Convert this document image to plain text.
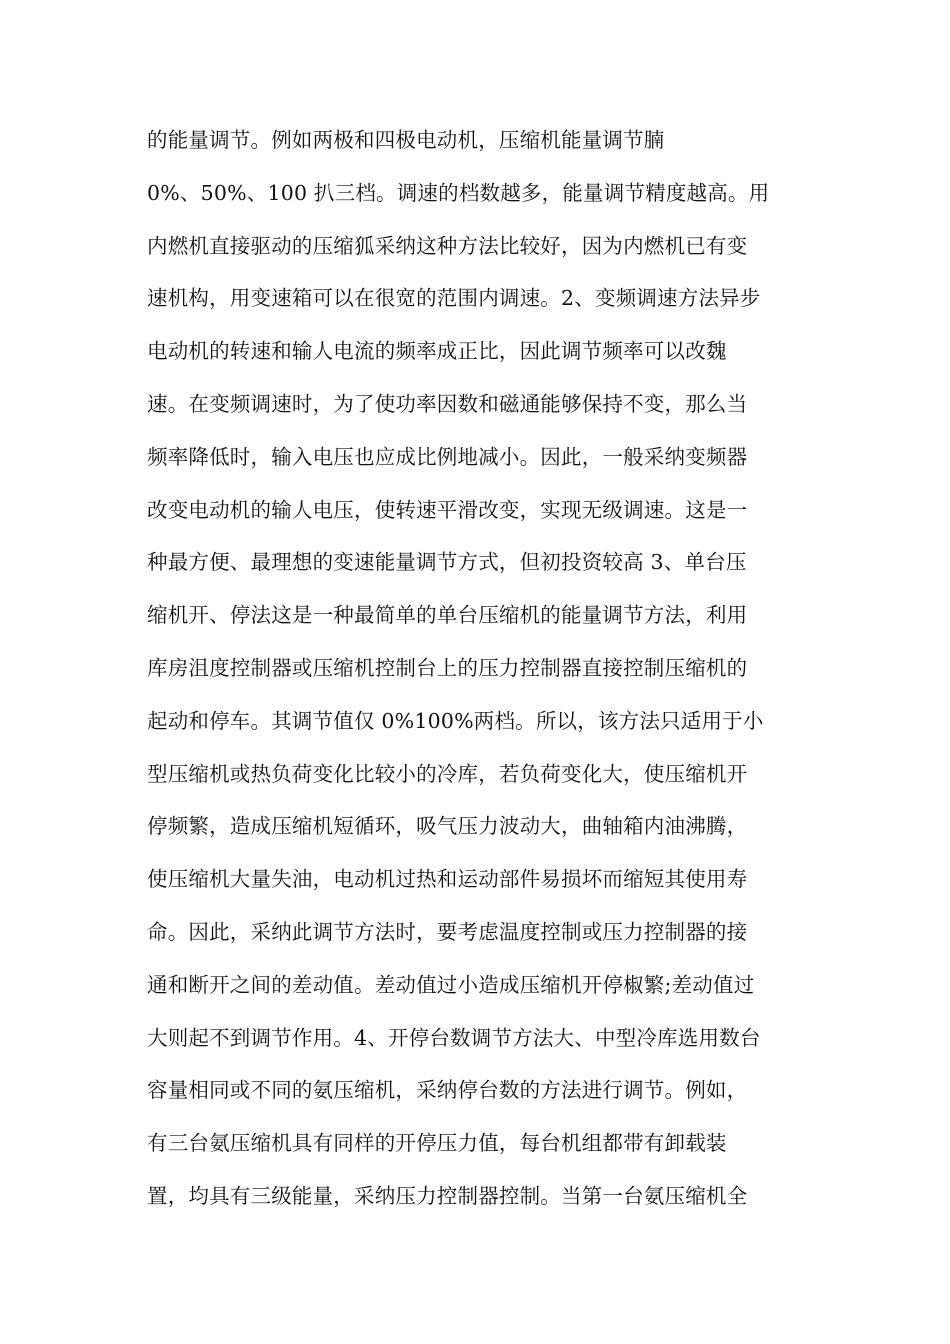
的能量调节。例如两极和四极电动机，压缩机能量调节腩
0%、50%、100 扒三档。调速的档数越多，能量调节精度越高。用
内燃机直接驱动的压缩狐采纳这种方法比较好，因为内燃机已有变
速机构，用变速箱可以在很宽的范围内调速。2、变频调速方法异步
电动机的转速和输人电流的频率成正比，因此调节频率可以改魏
速。在变频调速时，为了使功率因数和磁通能够保持不变，那么当
频率降低时，输入电压也应成比例地减小。因此，一般采纳变频器
改变电动机的输人电压，使转速平滑改变，实现无级调速。这是一
种最方便、最理想的变速能量调节方式，但初投资较高 3、单台压
缩机开、停法这是一种最简单的单台压缩机的能量调节方法，利用
库房沮度控制器或压缩机控制台上的压力控制器直接控制压缩机的
起动和停车。其调节值仅 0%100%两档。所以，该方法只适用于小
型压缩机或热负荷变化比较小的冷库，若负荷变化大，使压缩机开
停频繁，造成压缩机短循环，吸气压力波动大，曲轴箱内油沸腾，
使压缩机大量失油，电动机过热和运动部件易损坏而缩短其使用寿
命。因此，采纳此调节方法时，要考虑温度控制或压力控制器的接
通和断开之间的差动值。差动值过小造成压缩机开停椒繁;差动值过
大则起不到调节作用。4、开停台数调节方法大、中型冷库选用数台
容量相同或不同的氨压缩机，采纳停台数的方法进行调节。例如，
有三台氨压缩机具有同样的开停压力值，每台机组都带有卸载装
置，均具有三级能量，采纳压力控制器控制。当第一台氨压缩机全
